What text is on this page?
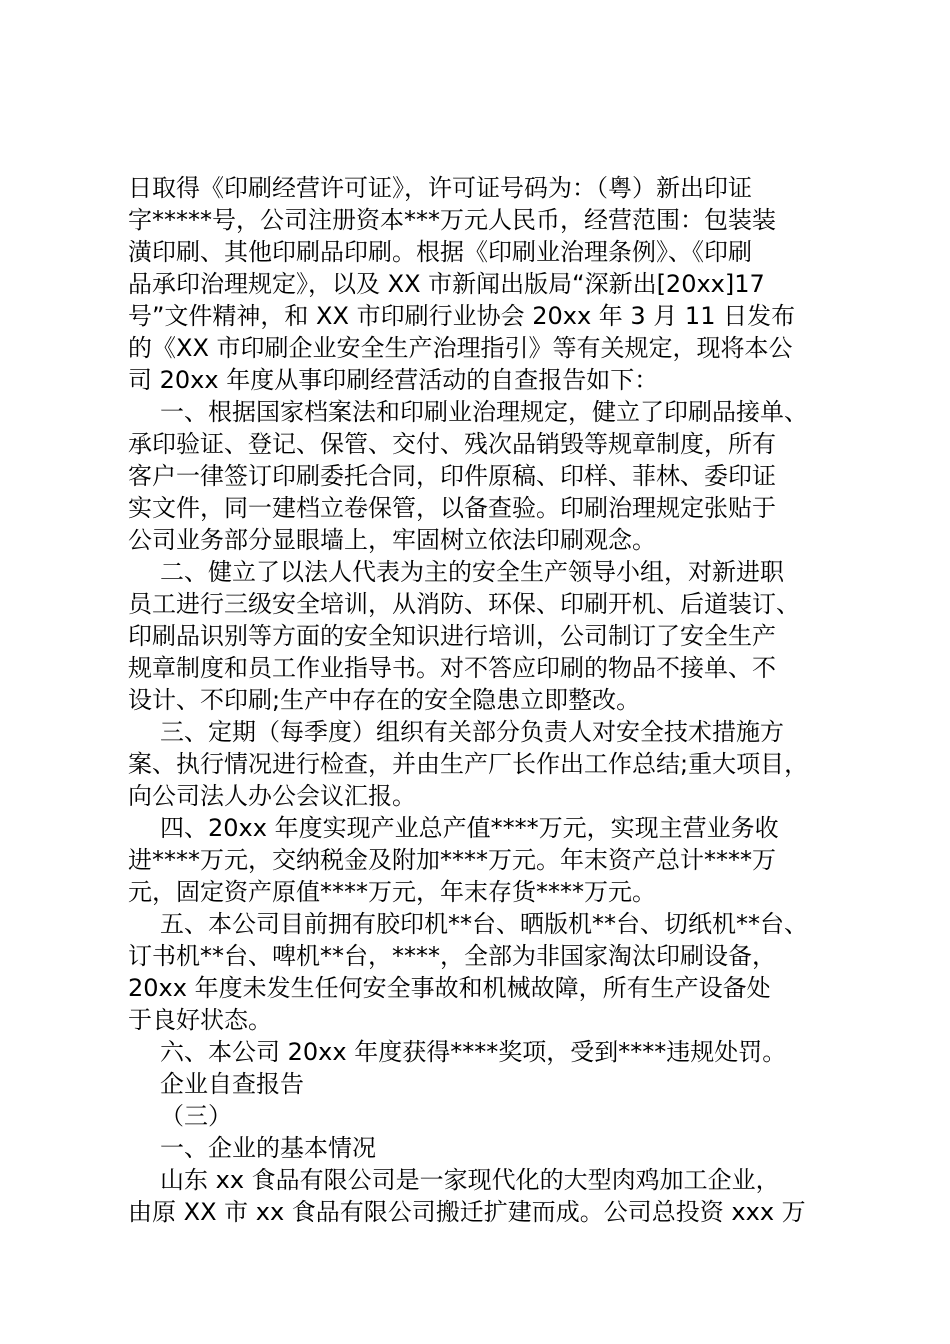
日取得《印刷经营许可证》，许可证号码为：（粤）新出印证
字*****号，公司注册资本***万元人民币，经营范围：包装装
潢印刷、其他印刷品印刷。根据《印刷业治理条例》、《印刷
品承印治理规定》，以及 XX 市新闻出版局“深新出[20xx]17
号”文件精神，和 XX 市印刷行业协会 20xx 年 3 月 11 日发布
的《XX 市印刷企业安全生产治理指引》等有关规定，现将本公
司 20xx 年度从事印刷经营活动的自查报告如下：
一、根据国家档案法和印刷业治理规定，健立了印刷品接单、
承印验证、登记、保管、交付、残次品销毁等规章制度，所有
客户一律签订印刷委托合同，印件原稿、印样、菲林、委印证
实文件，同一建档立卷保管，以备查验。印刷治理规定张贴于
公司业务部分显眼墙上，牢固树立依法印刷观念。
二、健立了以法人代表为主的安全生产领导小组，对新进职
员工进行三级安全培训，从消防、环保、印刷开机、后道装订、
印刷品识别等方面的安全知识进行培训，公司制订了安全生产
规章制度和员工作业指导书。对不答应印刷的物品不接单、不
设计、不印刷;生产中存在的安全隐患立即整改。
三、定期（每季度）组织有关部分负责人对安全技术措施方
案、执行情况进行检查，并由生产厂长作出工作总结;重大项目，
向公司法人办公会议汇报。
四、20xx 年度实现产业总产值****万元，实现主营业务收
进****万元，交纳税金及附加****万元。年末资产总计****万
元，固定资产原值****万元，年末存货****万元。
五、本公司目前拥有胶印机**台、晒版机**台、切纸机**台、
订书机**台、啤机**台，****，全部为非国家淘汰印刷设备，
20xx 年度未发生任何安全事故和机械故障，所有生产设备处
于良好状态。
六、本公司 20xx 年度获得****奖项，受到****违规处罚。
企业自查报告
（三）
一、企业的基本情况
山东 xx 食品有限公司是一家现代化的大型肉鸡加工企业，
由原 XX 市 xx 食品有限公司搬迁扩建而成。公司总投资 xxx 万
